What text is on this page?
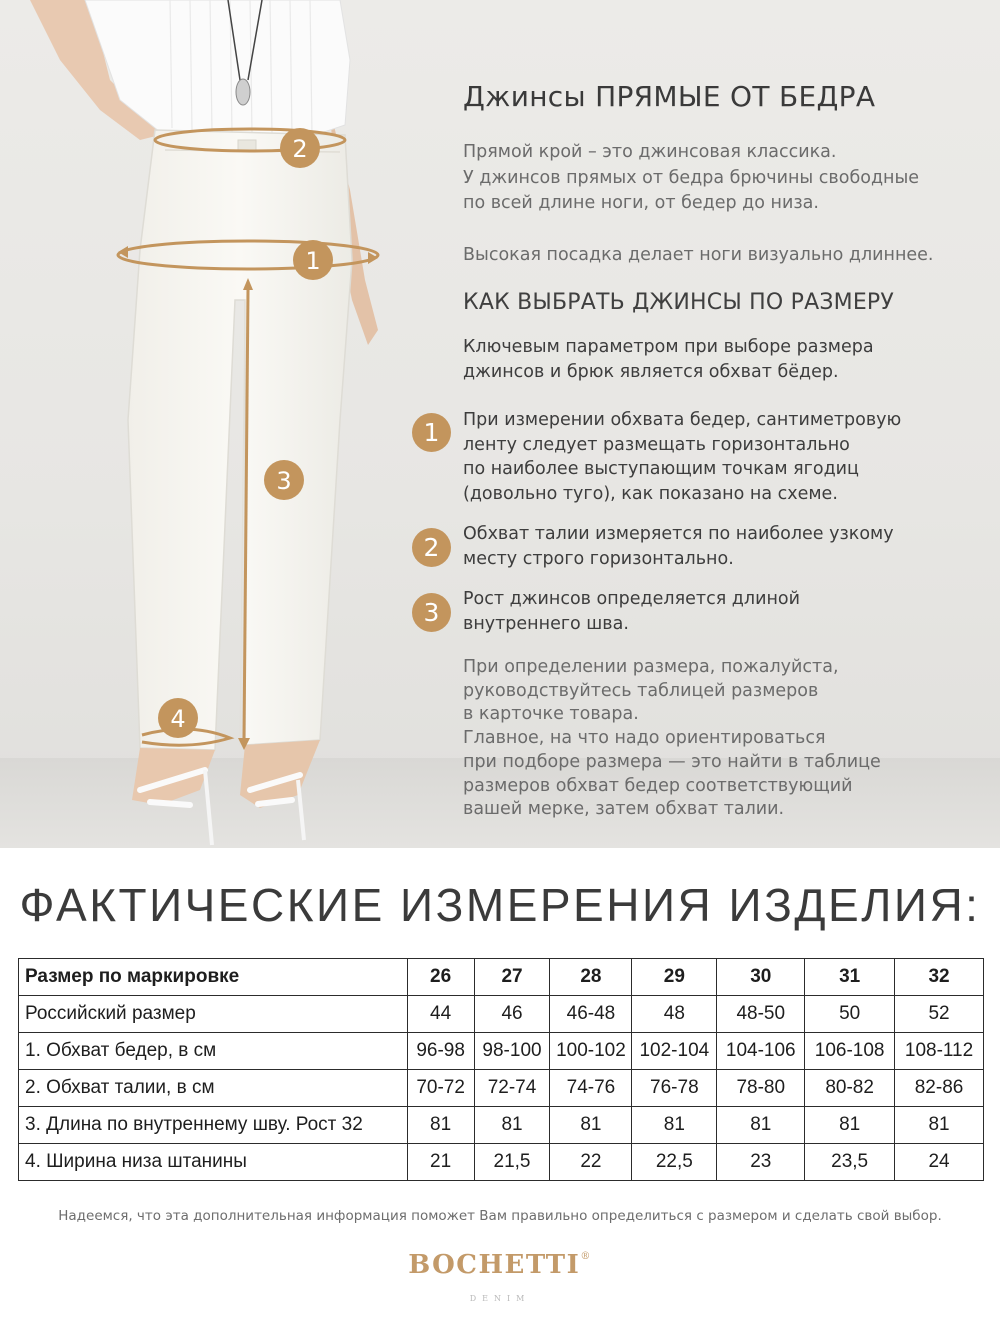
2
1
3
4
Джинсы ПРЯМЫЕ ОТ БЕДРА
Прямой крой – это джинсовая классика.
У джинсов прямых от бедра брючины свободные
по всей длине ноги, от бедер до низа.
Высокая посадка делает ноги визуально длиннее.
КАК ВЫБРАТЬ ДЖИНСЫ ПО РАЗМЕРУ
Ключевым параметром при выборе размера
джинсов и брюк является обхват бёдер.
1	При измерении обхвата бедер, сантиметровую
ленту следует размещать горизонтально
по наиболее выступающим точкам ягодиц
(довольно туго), как показано на схеме.
2	Обхват талии измеряется по наиболее узкому
месту строго горизонтально.
3	Рост джинсов определяется длиной
внутреннего шва.
При определении размера, пожалуйста,
руководствуйтесь таблицей размеров
в карточке товара.
Главное, на что надо ориентироваться
при подборе размера — это найти в таблице
размеров обхват бедер соответствующий
вашей мерке, затем обхват талии.
ФАКТИЧЕСКИЕ ИЗМЕРЕНИЯ ИЗДЕЛИЯ:
Размер по маркировке	26	27	28	29	30	31	32
Российский размер	44	46	46-48	48	48-50	50	52
1. Обхват бедер, в см	96-98	98-100	100-102	102-104	104-106	106-108	108-112
2. Обхват талии, в см	70-72	72-74	74-76	76-78	78-80	80-82	82-86
3. Длина по внутреннему шву. Рост 32	81	81	81	81	81	81	81
4. Ширина низа штанины	21	21,5	22	22,5	23	23,5	24
Надеемся, что эта дополнительная информация поможет Вам правильно определиться с размером и сделать свой выбор.
BOCHETTI®
DENIM
